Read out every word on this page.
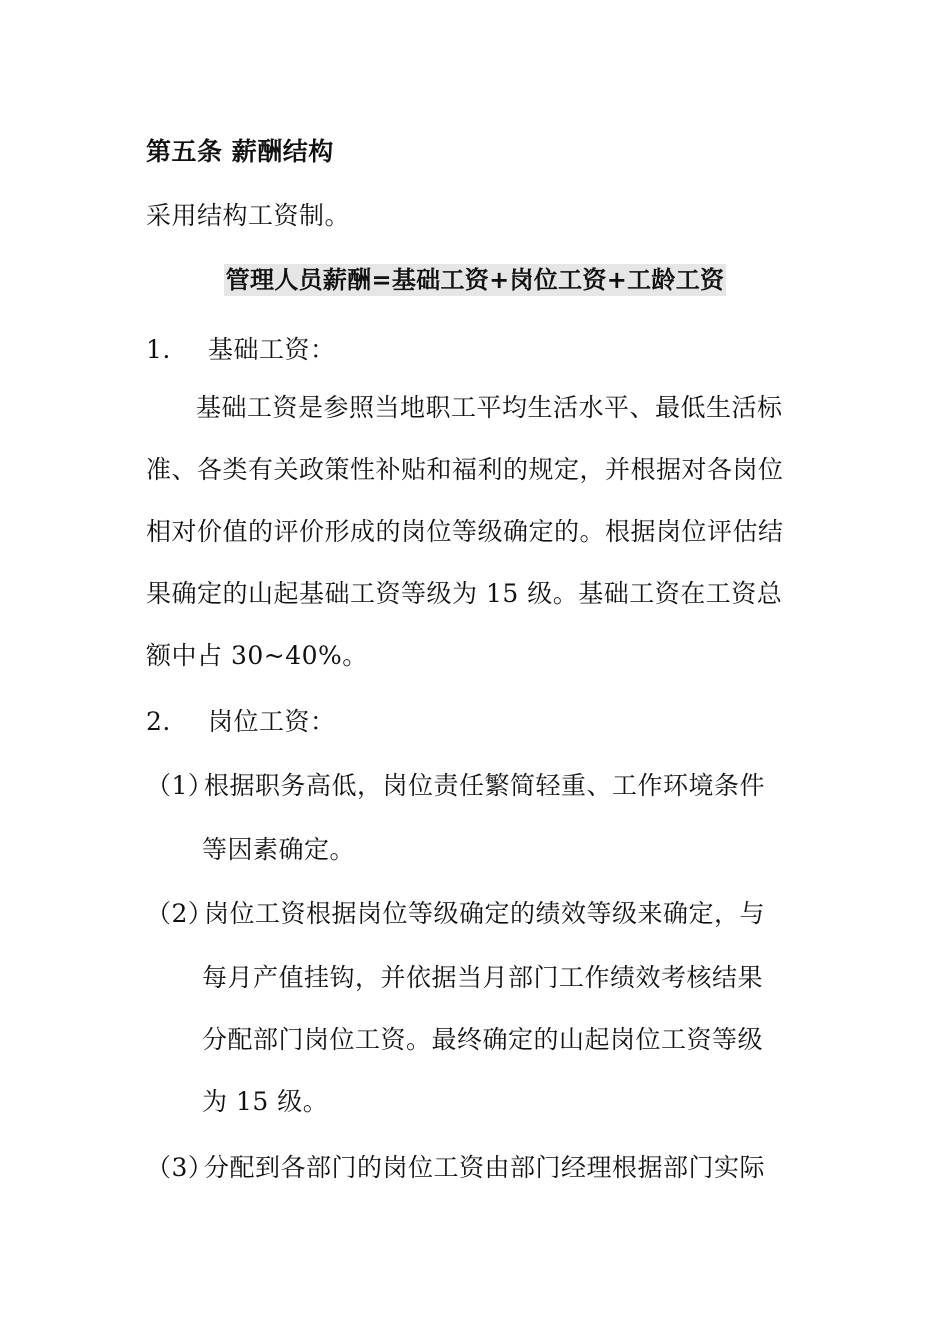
第五条 薪酬结构
采用结构工资制。
管理人员薪酬=基础工资+岗位工资+工龄工资
1. 基础工资：
基础工资是参照当地职工平均生活水平、最低生活标
准、各类有关政策性补贴和福利的规定，并根据对各岗位
相对价值的评价形成的岗位等级确定的。根据岗位评估结
果确定的山起基础工资等级为 15 级。基础工资在工资总
额中占 30~40%。
2. 岗位工资：
（1）根据职务高低，岗位责任繁简轻重、工作环境条件
等因素确定。
（2）岗位工资根据岗位等级确定的绩效等级来确定，与
每月产值挂钩，并依据当月部门工作绩效考核结果
分配部门岗位工资。最终确定的山起岗位工资等级
为 15 级。
（3）分配到各部门的岗位工资由部门经理根据部门实际
